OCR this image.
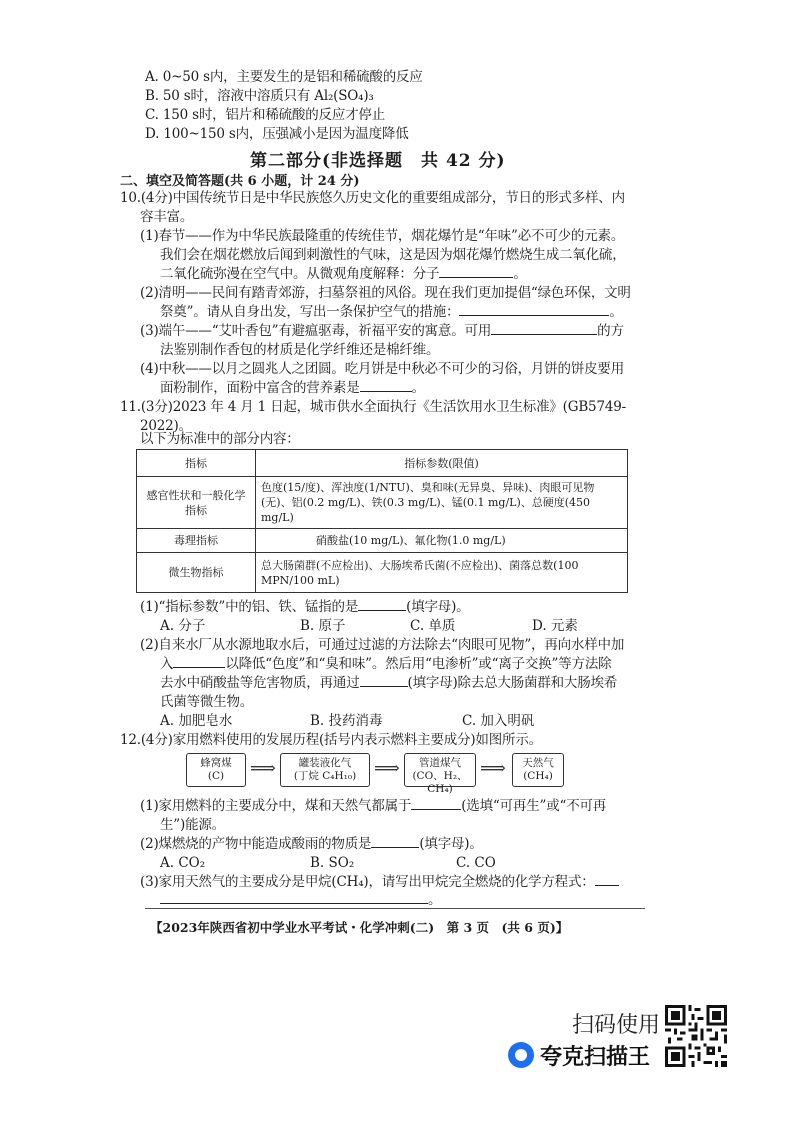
A. 0~50 s内，主要发生的是铝和稀硫酸的反应
B. 50 s时，溶液中溶质只有 Al₂(SO₄)₃
C. 150 s时，铝片和稀硫酸的反应才停止
D. 100~150 s内，压强减小是因为温度降低
第二部分(非选择题　共 42 分)
二、填空及简答题(共 6 小题，计 24 分)
10.(4分)中国传统节日是中华民族悠久历史文化的重要组成部分，节日的形式多样、内
容丰富。
(1)春节——作为中华民族最隆重的传统佳节，烟花爆竹是“年味”必不可少的元素。
我们会在烟花燃放后闻到刺激性的气味，这是因为烟花爆竹燃烧生成二氧化硫，
二氧化硫弥漫在空气中。从微观角度解释：分子	。
(2)清明——民间有踏青郊游，扫墓祭祖的风俗。现在我们更加提倡“绿色环保，文明
祭奠”。请从自身出发，写出一条保护空气的措施：	。
(3)端午——“艾叶香包”有避瘟驱毒，祈福平安的寓意。可用	的方
法鉴别制作香包的材质是化学纤维还是棉纤维。
(4)中秋——以月之圆兆人之团圆。吃月饼是中秋必不可少的习俗，月饼的饼皮要用
面粉制作，面粉中富含的营养素是	。
11.(3分)2023 年 4 月 1 日起，城市供水全面执行《生活饮用水卫生标准》(GB5749-
2022)。
以下为标准中的部分内容：
指标	指标参数(限值)
感官性状和一般化学指标	色度(15/度)、浑浊度(1/NTU)、臭和味(无异臭、异味)、肉眼可见物(无)、铝(0.2 mg/L)、铁(0.3 mg/L)、锰(0.1 mg/L)、总硬度(450 mg/L)
毒理指标	硝酸盐(10 mg/L)、氟化物(1.0 mg/L)
微生物指标	总大肠菌群(不应检出)、大肠埃希氏菌(不应检出)、菌落总数(100 MPN/100 mL)
(1)“指标参数”中的铝、铁、锰指的是	(填字母)。
A. 分子	B. 原子	C. 单质	D. 元素
(2)自来水厂从水源地取水后，可通过过滤的方法除去“肉眼可见物”，再向水样中加
入	以降低“色度”和“臭和味”。然后用“电渗析”或“离子交换”等方法除
去水中硝酸盐等危害物质，再通过	(填字母)除去总大肠菌群和大肠埃希
氏菌等微生物。
A. 加肥皂水	B. 投药消毒	C. 加入明矾
12.(4分)家用燃料使用的发展历程(括号内表示燃料主要成分)如图所示。
蜂窝煤
(C)	⟹	罐装液化气
(丁烷 C₄H₁₀) ⟹	管道煤气
(CO、H₂、CH₄)
⟹	天然气
(CH₄)
(1)家用燃料的主要成分中，煤和天然气都属于	(选填“可再生”或“不可再
生”)能源。
(2)煤燃烧的产物中能造成酸雨的物质是	(填字母)。
A. CO₂	B. SO₂	C. CO
(3)家用天然气的主要成分是甲烷(CH₄)，请写出甲烷完全燃烧的化学方程式：
。
【2023年陕西省初中学业水平考试・化学冲刺(二)　第 3 页　(共 6 页)】
扫码使用
夸克扫描王
